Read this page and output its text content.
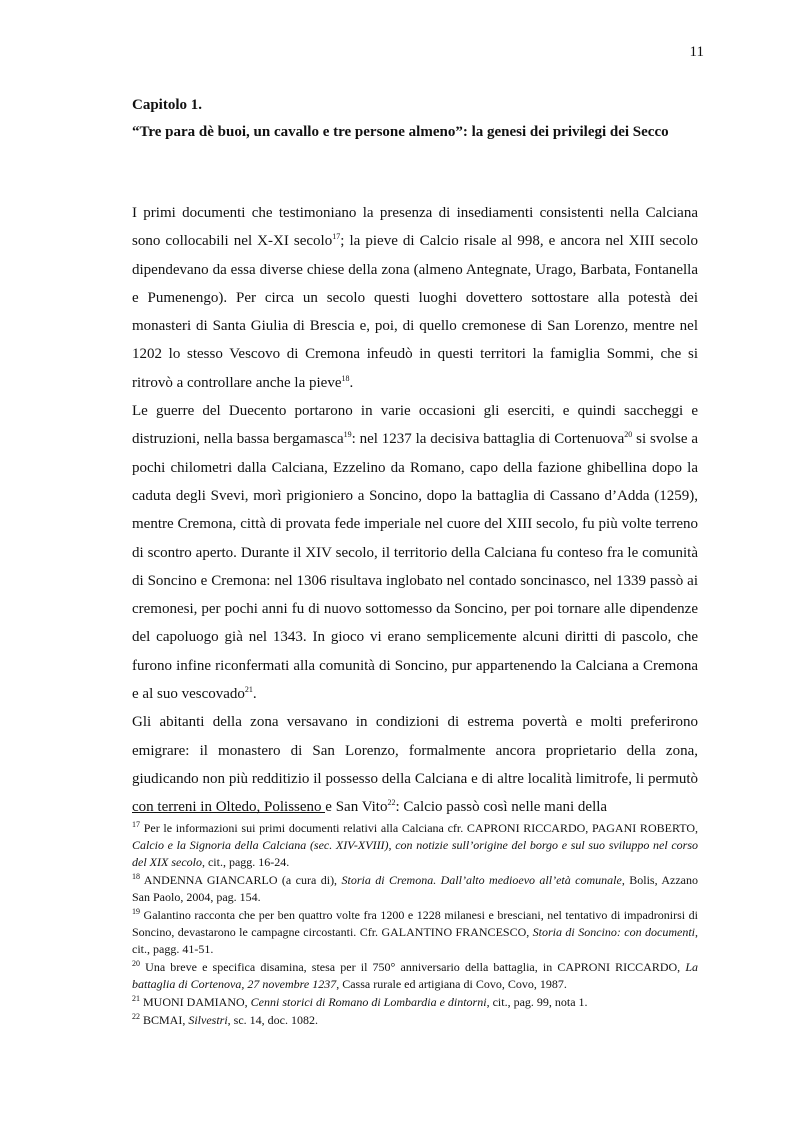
11

Capitolo 1.

“Tre para dè buoi, un cavallo e tre persone almeno”: la genesi dei privilegi dei Secco

I primi documenti che testimoniano la presenza di insediamenti consistenti nella Calciana sono collocabili nel X-XI secolo$^{17}$; la pieve di Calcio risale al 998, e ancora nel XIII secolo dipendevano da essa diverse chiese della zona (almeno Antegnate, Urago, Barbata, Fontanella e Pumenengo). Per circa un secolo questi luoghi dovettero sottostare alla potestà dei monasteri di Santa Giulia di Brescia e, poi, di quello cremonese di San Lorenzo, mentre nel 1202 lo stesso Vescovo di Cremona infeudò in questi territori la famiglia Sommi, che si ritrovò a controllare anche la pieve$^{18}$.

Le guerre del Duecento portarono in varie occasioni gli eserciti, e quindi saccheggi e distruzioni, nella bassa bergamasca$^{19}$: nel 1237 la decisiva battaglia di Cortenuova$^{20}$ si svolse a pochi chilometri dalla Calciana, Ezzelino da Romano, capo della fazione ghibellina dopo la caduta degli Svevi, morì prigioniero a Soncino, dopo la battaglia di Cassano d’Adda (1259), mentre Cremona, città di provata fede imperiale nel cuore del XIII secolo, fu più volte terreno di scontro aperto. Durante il XIV secolo, il territorio della Calciana fu conteso fra le comunità di Soncino e Cremona: nel 1306 risultava inglobato nel contado soncinasco, nel 1339 passò ai cremonesi, per pochi anni fu di nuovo sottomesso da Soncino, per poi tornare alle dipendenze del capoluogo già nel 1343. In gioco vi erano semplicemente alcuni diritti di pascolo, che furono infine riconfermati alla comunità di Soncino, pur appartenendo la Calciana a Cremona e al suo vescovado$^{21}$.

Gli abitanti della zona versavano in condizioni di estrema povertà e molti preferirono emigrare: il monastero di San Lorenzo, formalmente ancora proprietario della zona, giudicando non più redditizio il possesso della Calciana e di altre località limitrofe, li permutò con terreni in Oltedo, Polisseno e San Vito$^{22}$: Calcio passò così nelle mani della

$^{17}$ Per le informazioni sui primi documenti relativi alla Calciana cfr. CAPRONI RICCARDO, PAGANI ROBERTO, Calcio e la Signoria della Calciana (sec. XIV-XVIII), con notizie sull’origine del borgo e sul suo sviluppo nel corso del XIX secolo, cit., pagg. 16-24.

$^{18}$ ANDENNA GIANCARLO (a cura di), Storia di Cremona. Dall’alto medioevo all’età comunale, Bolis, Azzano San Paolo, 2004, pag. 154.

$^{19}$ Galantino racconta che per ben quattro volte fra 1200 e 1228 milanesi e bresciani, nel tentativo di impadronirsi di Soncino, devastarono le campagne circostanti. Cfr. GALANTINO FRANCESCO, Storia di Soncino: con documenti, cit., pagg. 41-51.

$^{20}$ Una breve e specifica disamina, stesa per il 750° anniversario della battaglia, in CAPRONI RICCARDO, La battaglia di Cortenova, 27 novembre 1237, Cassa rurale ed artigiana di Covo, Covo, 1987.

$^{21}$ MUONI DAMIANO, Cenni storici di Romano di Lombardia e dintorni, cit., pag. 99, nota 1.

$^{22}$ BCMAI, Silvestri, sc. 14, doc. 1082.
